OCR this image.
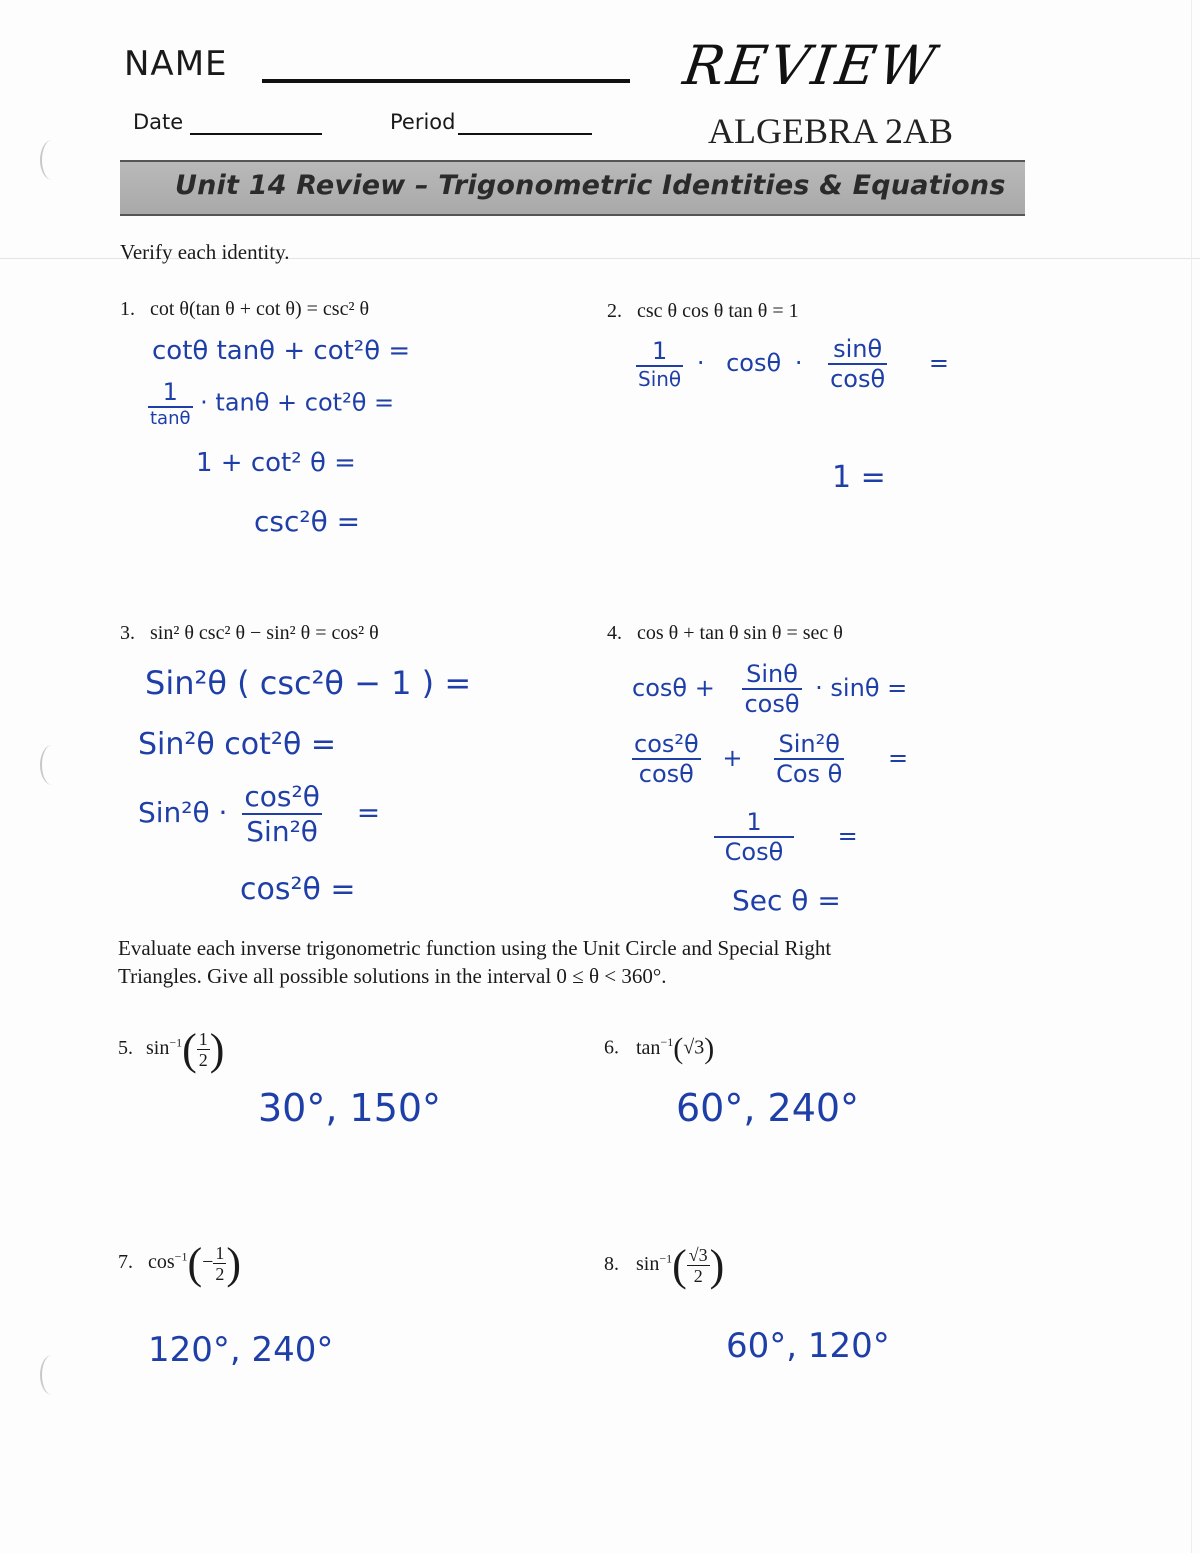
NAME
Date	Period
REVIEW
ALGEBRA 2AB
Unit 14 Review – Trigonometric Identities & Equations
Verify each identity.
1. cot θ(tan θ + cot θ) = csc² θ
cotθ tanθ + cot²θ =
$\frac{1}{\tan\theta} \cdot \tan\theta + \cot^2\theta$ =
1 + cot² θ =
csc²θ =
2. csc θ cos θ tan θ = 1
$\frac{1}{\text{Sinθ}} \cdot \cos\theta \cdot \frac{\sin\theta}{\cos\theta}$ =
1 =
3. sin² θ csc² θ − sin² θ = cos² θ
Sin²θ ( csc²θ − 1 ) =
Sin²θ cot²θ =
$Sin^2\theta \cdot \frac{\text{cos²θ}}{\text{Sin²θ}}$ =
cos²θ =
4. cos θ + tan θ sin θ = sec θ
$\cos\theta + \frac{\text{Sinθ}}{\cos\theta} \cdot \sin\theta$ =
$\frac{\text{cos²θ}}{\cos\theta} + \frac{\text{Sin²θ}}{\text{Cos θ}}$ =
$\frac{1}{\text{Cosθ}}$ =
Sec θ =
Evaluate each inverse trigonometric function using the Unit Circle and Special Right
Triangles. Give all possible solutions in the interval 0 ≤ θ < 360°.
5. $\sin^{-1}( \frac{1}{2}$ )
30°, 150°
6. $\tan^{-1}(√3)$
60°, 240°
7. $\cos^{-1}(- \frac{1}{2}$ )
120°, 240°
8. $\sin^{-1}( \frac{√3}{2}$ )
60°, 120°
